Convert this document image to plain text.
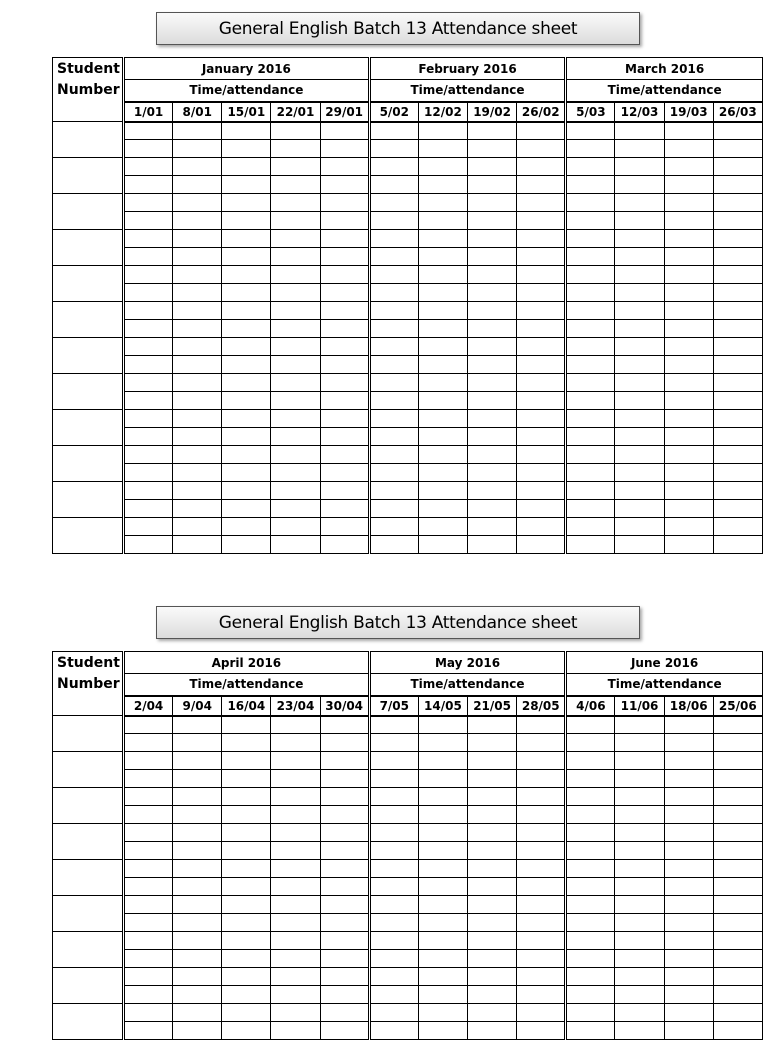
General English Batch 13 Attendance sheet
Student
Number	January 2016					February 2016				March 2016			
	Time/attendance					Time/attendance				Time/attendance			
	1/01	8/01	15/01	22/01	29/01	5/02	12/02	19/02	26/02	5/03	12/03	19/03	26/03

General English Batch 13 Attendance sheet
Student
Number	April 2016					May 2016				June 2016			
	Time/attendance					Time/attendance				Time/attendance			
	2/04	9/04	16/04	23/04	30/04	7/05	14/05	21/05	28/05	4/06	11/06	18/06	25/06
